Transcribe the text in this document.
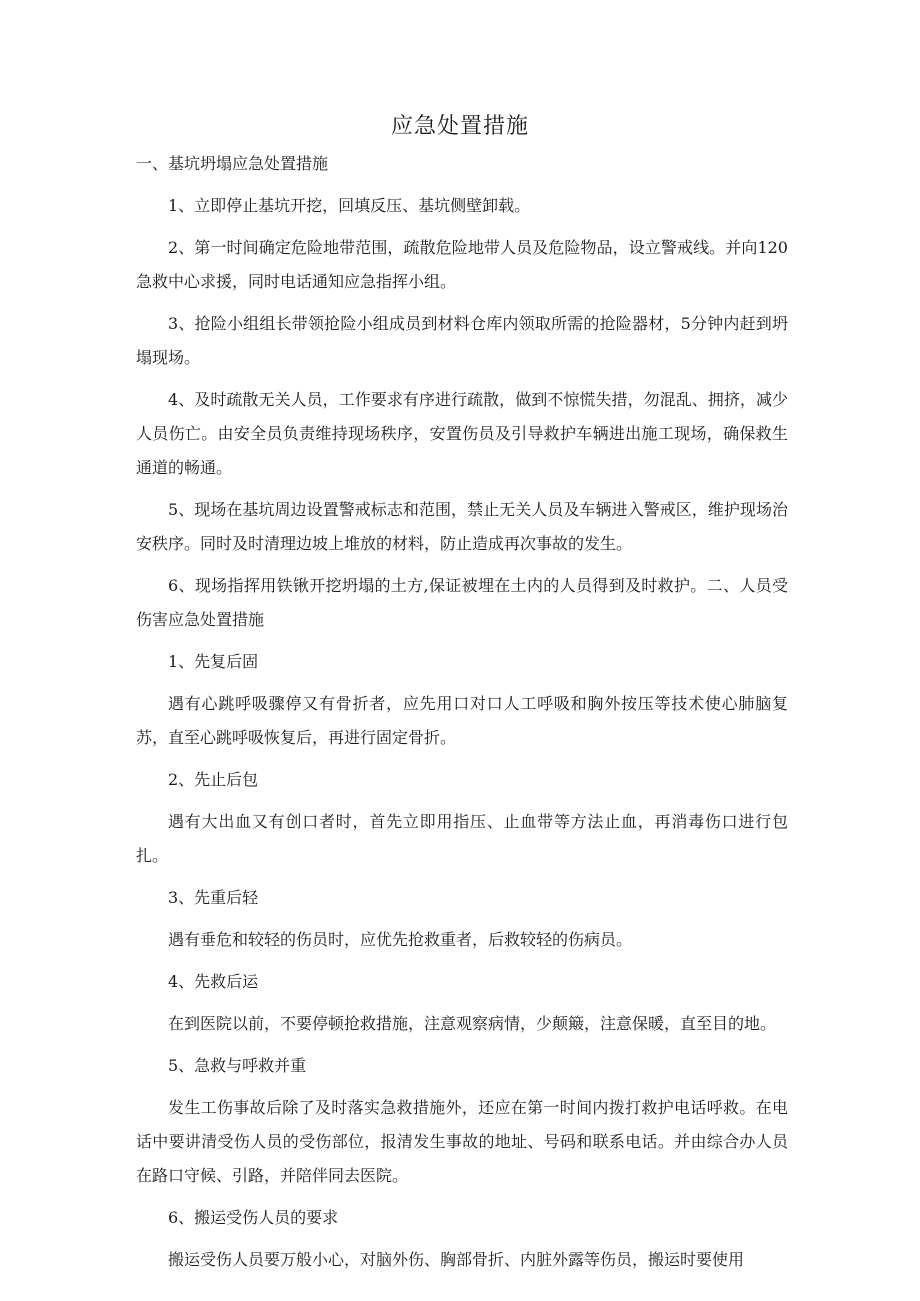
应急处置措施

一、基坑坍塌应急处置措施

1、立即停止基坑开挖，回填反压、基坑侧壁卸载。

2、第一时间确定危险地带范围，疏散危险地带人员及危险物品，设立警戒线。并向120急救中心求援，同时电话通知应急指挥小组。

3、抢险小组组长带领抢险小组成员到材料仓库内领取所需的抢险器材，5分钟内赶到坍塌现场。

4、及时疏散无关人员，工作要求有序进行疏散，做到不惊慌失措，勿混乱、拥挤，减少人员伤亡。由安全员负责维持现场秩序，安置伤员及引导救护车辆进出施工现场，确保救生通道的畅通。

5、现场在基坑周边设置警戒标志和范围，禁止无关人员及车辆进入警戒区，维护现场治安秩序。同时及时清理边坡上堆放的材料，防止造成再次事故的发生。

6、现场指挥用铁锹开挖坍塌的土方,保证被埋在土内的人员得到及时救护。二、人员受伤害应急处置措施

1、先复后固

遇有心跳呼吸骤停又有骨折者，应先用口对口人工呼吸和胸外按压等技术使心肺脑复苏，直至心跳呼吸恢复后，再进行固定骨折。

2、先止后包

遇有大出血又有创口者时，首先立即用指压、止血带等方法止血，再消毒伤口进行包扎。

3、先重后轻

遇有垂危和较轻的伤员时，应优先抢救重者，后救较轻的伤病员。

4、先救后运

在到医院以前，不要停顿抢救措施，注意观察病情，少颠簸，注意保暖，直至目的地。

5、急救与呼救并重

发生工伤事故后除了及时落实急救措施外，还应在第一时间内拨打救护电话呼救。在电话中要讲清受伤人员的受伤部位，报清发生事故的地址、号码和联系电话。并由综合办人员在路口守候、引路，并陪伴同去医院。

6、搬运受伤人员的要求

搬运受伤人员要万般小心，对脑外伤、胸部骨折、内脏外露等伤员，搬运时要使用
